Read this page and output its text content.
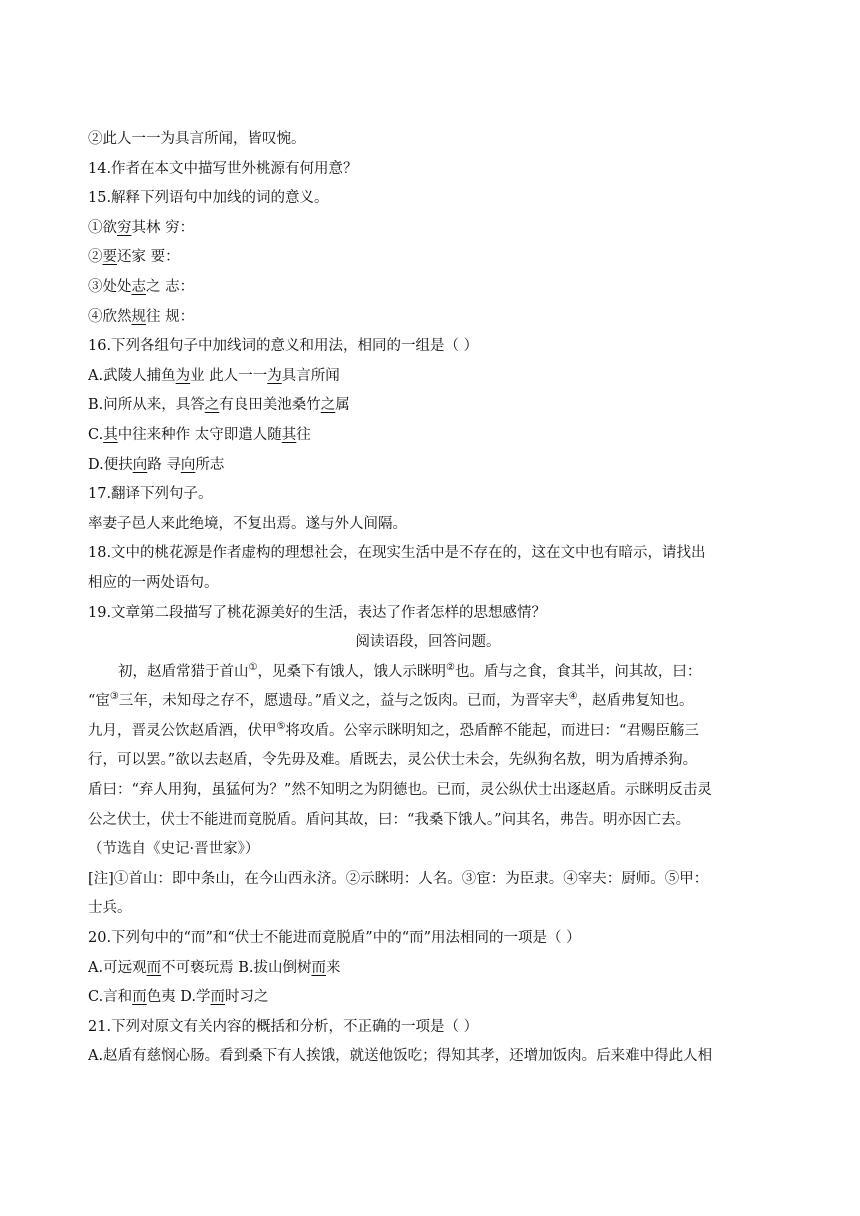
②此人一一为具言所闻，皆叹惋。
14.作者在本文中描写世外桃源有何用意？
15.解释下列语句中加线的词的意义。
①欲穷其林 穷：
②要还家 要：
③处处志之 志：
④欣然规往 规：
16.下列各组句子中加线词的意义和用法，相同的一组是（ ）
A.武陵人捕鱼为业 此人一一为具言所闻
B.问所从来，具答之有良田美池桑竹之属
C.其中往来种作 太守即遣人随其往
D.便扶向路 寻向所志
17.翻译下列句子。
率妻子邑人来此绝境，不复出焉。遂与外人间隔。
18.文中的桃花源是作者虚构的理想社会，在现实生活中是不存在的，这在文中也有暗示，请找出
相应的一两处语句。
19.文章第二段描写了桃花源美好的生活，表达了作者怎样的思想感情？
阅读语段，回答问题。
初，赵盾常猎于首山①，见桑下有饿人，饿人示眯明②也。盾与之食，食其半，问其故，曰：
“宦③三年，未知母之存不，愿遗母。”盾义之，益与之饭肉。已而，为晋宰夫④，赵盾弗复知也。
九月，晋灵公饮赵盾酒，伏甲⑤将攻盾。公宰示眯明知之，恐盾醉不能起，而进曰：“君赐臣觞三
行，可以罢。”欲以去赵盾，令先毋及难。盾既去，灵公伏士未会，先纵狗名敖，明为盾搏杀狗。
盾曰：“弃人用狗，虽猛何为？”然不知明之为阴德也。已而，灵公纵伏士出逐赵盾。示眯明反击灵
公之伏士，伏士不能进而竟脱盾。盾问其故，曰：“我桑下饿人。”问其名，弗告。明亦因亡去。
（节选自《史记·晋世家》）
[注]①首山：即中条山，在今山西永济。②示眯明：人名。③宦：为臣隶。④宰夫：厨师。⑤甲：
士兵。
20.下列句中的“而”和“伏士不能进而竟脱盾”中的“而”用法相同的一项是（ ）
A.可远观而不可亵玩焉 B.拔山倒树而来
C.言和而色夷 D.学而时习之
21.下列对原文有关内容的概括和分析，不正确的一项是（ ）
A.赵盾有慈悯心肠。看到桑下有人挨饿，就送他饭吃；得知其孝，还增加饭肉。后来难中得此人相
